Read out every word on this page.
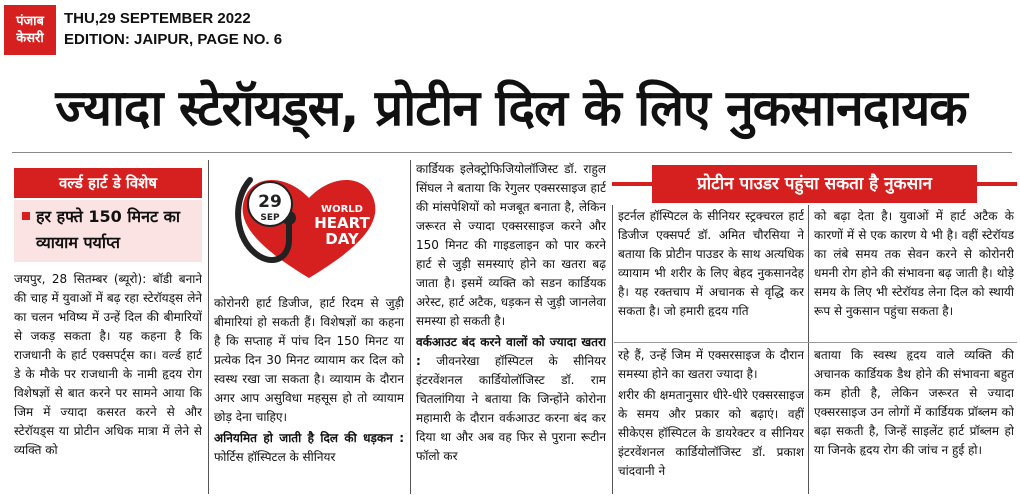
पंजाब
केसरी
THU,29 SEPTEMBER 2022
EDITION: JAIPUR, PAGE NO. 6
ज्यादा स्टेरॉयड्स, प्रोटीन दिल के लिए नुकसानदायक
वर्ल्ड हार्ट डे विशेष
हर हफ्ते 150 मिनट का व्यायाम पर्याप्त

जयपुर, 28 सितम्बर (ब्यूरो): बॉडी बनाने की चाह में युवाओं में बढ़ रहा स्टेरॉयड्स लेने का चलन भविष्य में उन्हें दिल की बीमारियों से जकड़ सकता है। यह कहना है कि राजधानी के हार्ट एक्सपर्ट्स का। वर्ल्ड हार्ट डे के मौके पर राजधानी के नामी हृदय रोग विशेषज्ञों से बात करने पर सामने आया कि जिम में ज्यादा कसरत करने से और स्टेरॉयड्स या प्रोटीन अधिक मात्रा में लेने से व्यक्ति को

29
SEP
WORLD
HEART
DAY

कोरोनरी हार्ट डिजीज, हार्ट रिदम से जुड़ी बीमारियां हो सकती हैं। विशेषज्ञों का कहना है कि सप्ताह में पांच दिन 150 मिनट या प्रत्येक दिन 30 मिनट व्यायाम कर दिल को स्वस्थ रखा जा सकता है। व्यायाम के दौरान अगर आप असुविधा महसूस हो तो व्यायाम छोड़ देना चाहिए।

अनियमित हो जाती है दिल की धड़कन : फोर्टिस हॉस्पिटल के सीनियर

कार्डियक इलेक्ट्रोफिजियोलॉजिस्ट डॉ. राहुल सिंघल ने बताया कि रेगुलर एक्सरसाइज हार्ट की मांसपेशियों को मजबूत बनाता है, लेकिन जरूरत से ज्यादा एक्सरसाइज करने और 150 मिनट की गाइडलाइन को पार करने हार्ट से जुड़ी समस्याएं होने का खतरा बढ़ जाता है। इसमें व्यक्ति को सडन कार्डियक अरेस्ट, हार्ट अटैक, धड़कन से जुड़ी जानलेवा समस्या हो सकती है।

वर्कआउट बंद करने वालों को ज्यादा खतरा : जीवनरेखा हॉस्पिटल के सीनियर इंटरवेंशनल कार्डियोलॉजिस्ट डॉ. राम चितलांगिया ने बताया कि जिन्होंने कोरोना महामारी के दौरान वर्कआउट करना बंद कर दिया था और अब वह फिर से पुराना रूटीन फॉलो कर

प्रोटीन पाउडर पहुंचा सकता है नुकसान

इटर्नल हॉस्पिटल के सीनियर स्ट्रक्चरल हार्ट डिजीज एक्सपर्ट डॉ. अमित चौरसिया ने बताया कि प्रोटीन पाउडर के साथ अत्यधिक व्यायाम भी शरीर के लिए बेहद नुकसानदेह है। यह रक्तचाप में अचानक से वृद्धि कर सकता है। जो हमारी हृदय गति

रहे हैं, उन्हें जिम में एक्सरसाइज के दौरान समस्या होने का खतरा ज्यादा है।

शरीर की क्षमतानुसार धीरे-धीरे एक्सरसाइज के समय और प्रकार को बढ़ाएं। वहीं सीकेएस हॉस्पिटल के डायरेक्टर व सीनियर इंटरवेंशनल कार्डियोलॉजिस्ट डॉ. प्रकाश चांदवानी ने

को बढ़ा देता है। युवाओं में हार्ट अटैक के कारणों में से एक कारण ये भी है। वहीं स्टेरॉयड का लंबे समय तक सेवन करने से कोरोनरी धमनी रोग होने की संभावना बढ़ जाती है। थोड़े समय के लिए भी स्टेरॉयड लेना दिल को स्थायी रूप से नुकसान पहुंचा सकता है।

बताया कि स्वस्थ हृदय वाले व्यक्ति की अचानक कार्डियक डैथ होने की संभावना बहुत कम होती है, लेकिन जरूरत से ज्यादा एक्सरसाइज उन लोगों में कार्डियक प्रॉब्लम को बढ़ा सकती है, जिन्हें साइलेंट हार्ट प्रॉब्लम हो या जिनके हृदय रोग की जांच न हुई हो।
